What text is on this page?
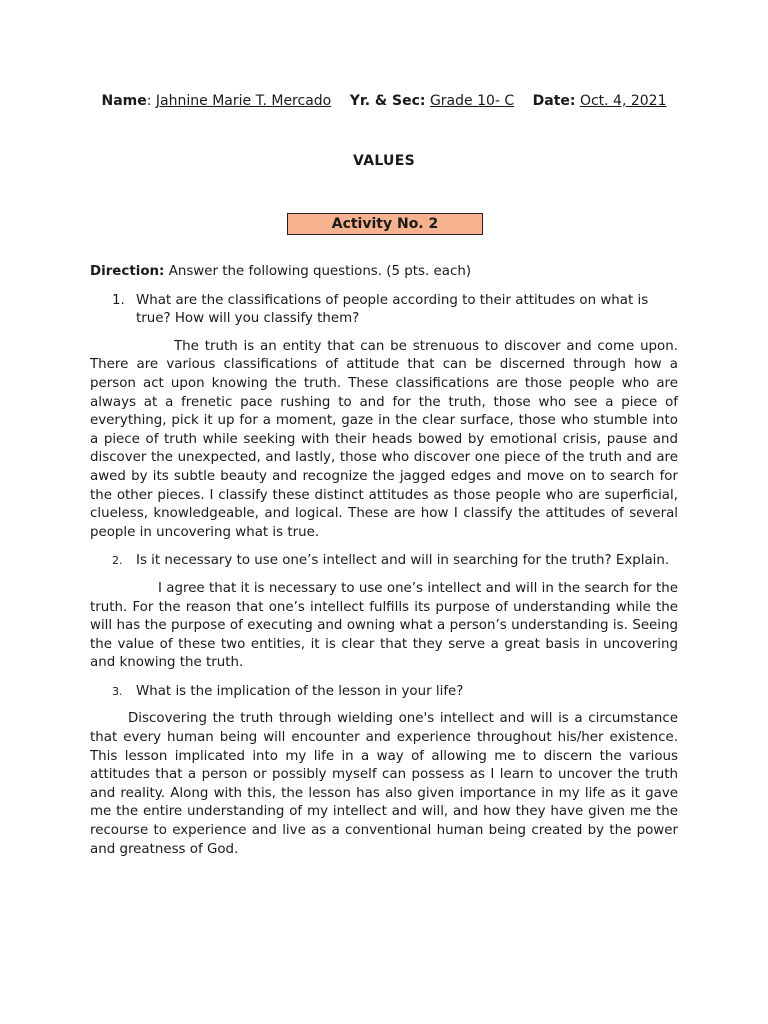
Name: Jahnine Marie T. Mercado Yr. & Sec: Grade 10- C Date: Oct. 4, 2021
VALUES
Activity No. 2
Direction: Answer the following questions. (5 pts. each)
1. What are the classifications of people according to their attitudes on what is true? How will you classify them?

The truth is an entity that can be strenuous to discover and come upon. There are various classifications of attitude that can be discerned through how a person act upon knowing the truth. These classifications are those people who are always at a frenetic pace rushing to and for the truth, those who see a piece of everything, pick it up for a moment, gaze in the clear surface, those who stumble into a piece of truth while seeking with their heads bowed by emotional crisis, pause and discover the unexpected, and lastly, those who discover one piece of the truth and are awed by its subtle beauty and recognize the jagged edges and move on to search for the other pieces. I classify these distinct attitudes as those people who are superficial, clueless, knowledgeable, and logical. These are how I classify the attitudes of several people in uncovering what is true.

2.	Is it necessary to use one’s intellect and will in searching for the truth? Explain.

I agree that it is necessary to use one’s intellect and will in the search for the truth. For the reason that one’s intellect fulfills its purpose of understanding while the will has the purpose of executing and owning what a person’s understanding is. Seeing the value of these two entities, it is clear that they serve a great basis in uncovering and knowing the truth.

3.	What is the implication of the lesson in your life?

Discovering the truth through wielding one's intellect and will is a circumstance that every human being will encounter and experience throughout his/her existence. This lesson implicated into my life in a way of allowing me to discern the various attitudes that a person or possibly myself can possess as I learn to uncover the truth and reality. Along with this, the lesson has also given importance in my life as it gave me the entire understanding of my intellect and will, and how they have given me the recourse to experience and live as a conventional human being created by the power and greatness of God.
